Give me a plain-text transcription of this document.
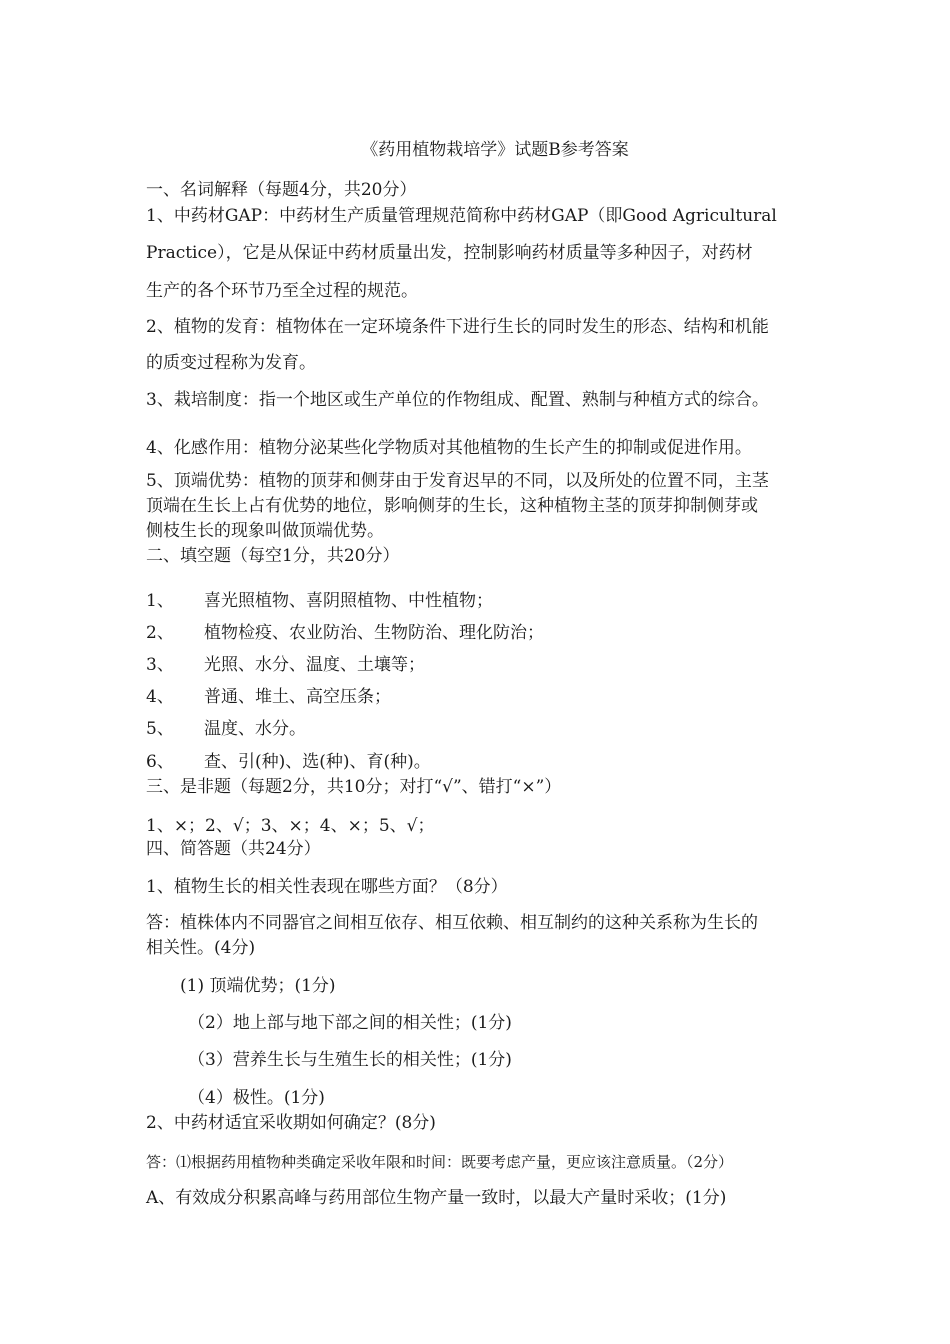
《药用植物栽培学》试题B参考答案
一、名词解释（每题4分，共20分）
1、中药材GAP：中药材生产质量管理规范简称中药材GAP（即Good Agricultural
Practice），它是从保证中药材质量出发，控制影响药材质量等多种因子，对药材
生产的各个环节乃至全过程的规范。
2、植物的发育：植物体在一定环境条件下进行生长的同时发生的形态、结构和机能
的质变过程称为发育。
3、栽培制度：指一个地区或生产单位的作物组成、配置、熟制与种植方式的综合。
4、化感作用：植物分泌某些化学物质对其他植物的生长产生的抑制或促进作用。
5、顶端优势：植物的顶芽和侧芽由于发育迟早的不同，以及所处的位置不同，主茎
顶端在生长上占有优势的地位，影响侧芽的生长，这种植物主茎的顶芽抑制侧芽或
侧枝生长的现象叫做顶端优势。
二、填空题（每空1分，共20分）
1、 喜光照植物、喜阴照植物、中性植物；
2、 植物检疫、农业防治、生物防治、理化防治；
3、 光照、水分、温度、土壤等；
4、 普通、堆土、高空压条；
5、 温度、水分。
6、 查、引(种)、选(种)、育(种)。
三、是非题（每题2分，共10分；对打“√”、错打“×”）
1、×；2、√；3、×；4、×；5、√；
四、简答题（共24分）
1、植物生长的相关性表现在哪些方面？（8分）
答：植株体内不同器官之间相互依存、相互依赖、相互制约的这种关系称为生长的
相关性。(4分)
(1) 顶端优势；(1分)
（2）地上部与地下部之间的相关性；(1分)
（3）营养生长与生殖生长的相关性；(1分)
（4）极性。(1分)
2、中药材适宜采收期如何确定？(8分)
答：⑴根据药用植物种类确定采收年限和时间：既要考虑产量，更应该注意质量。（2分）
A、有效成分积累高峰与药用部位生物产量一致时，以最大产量时采收；(1分)
